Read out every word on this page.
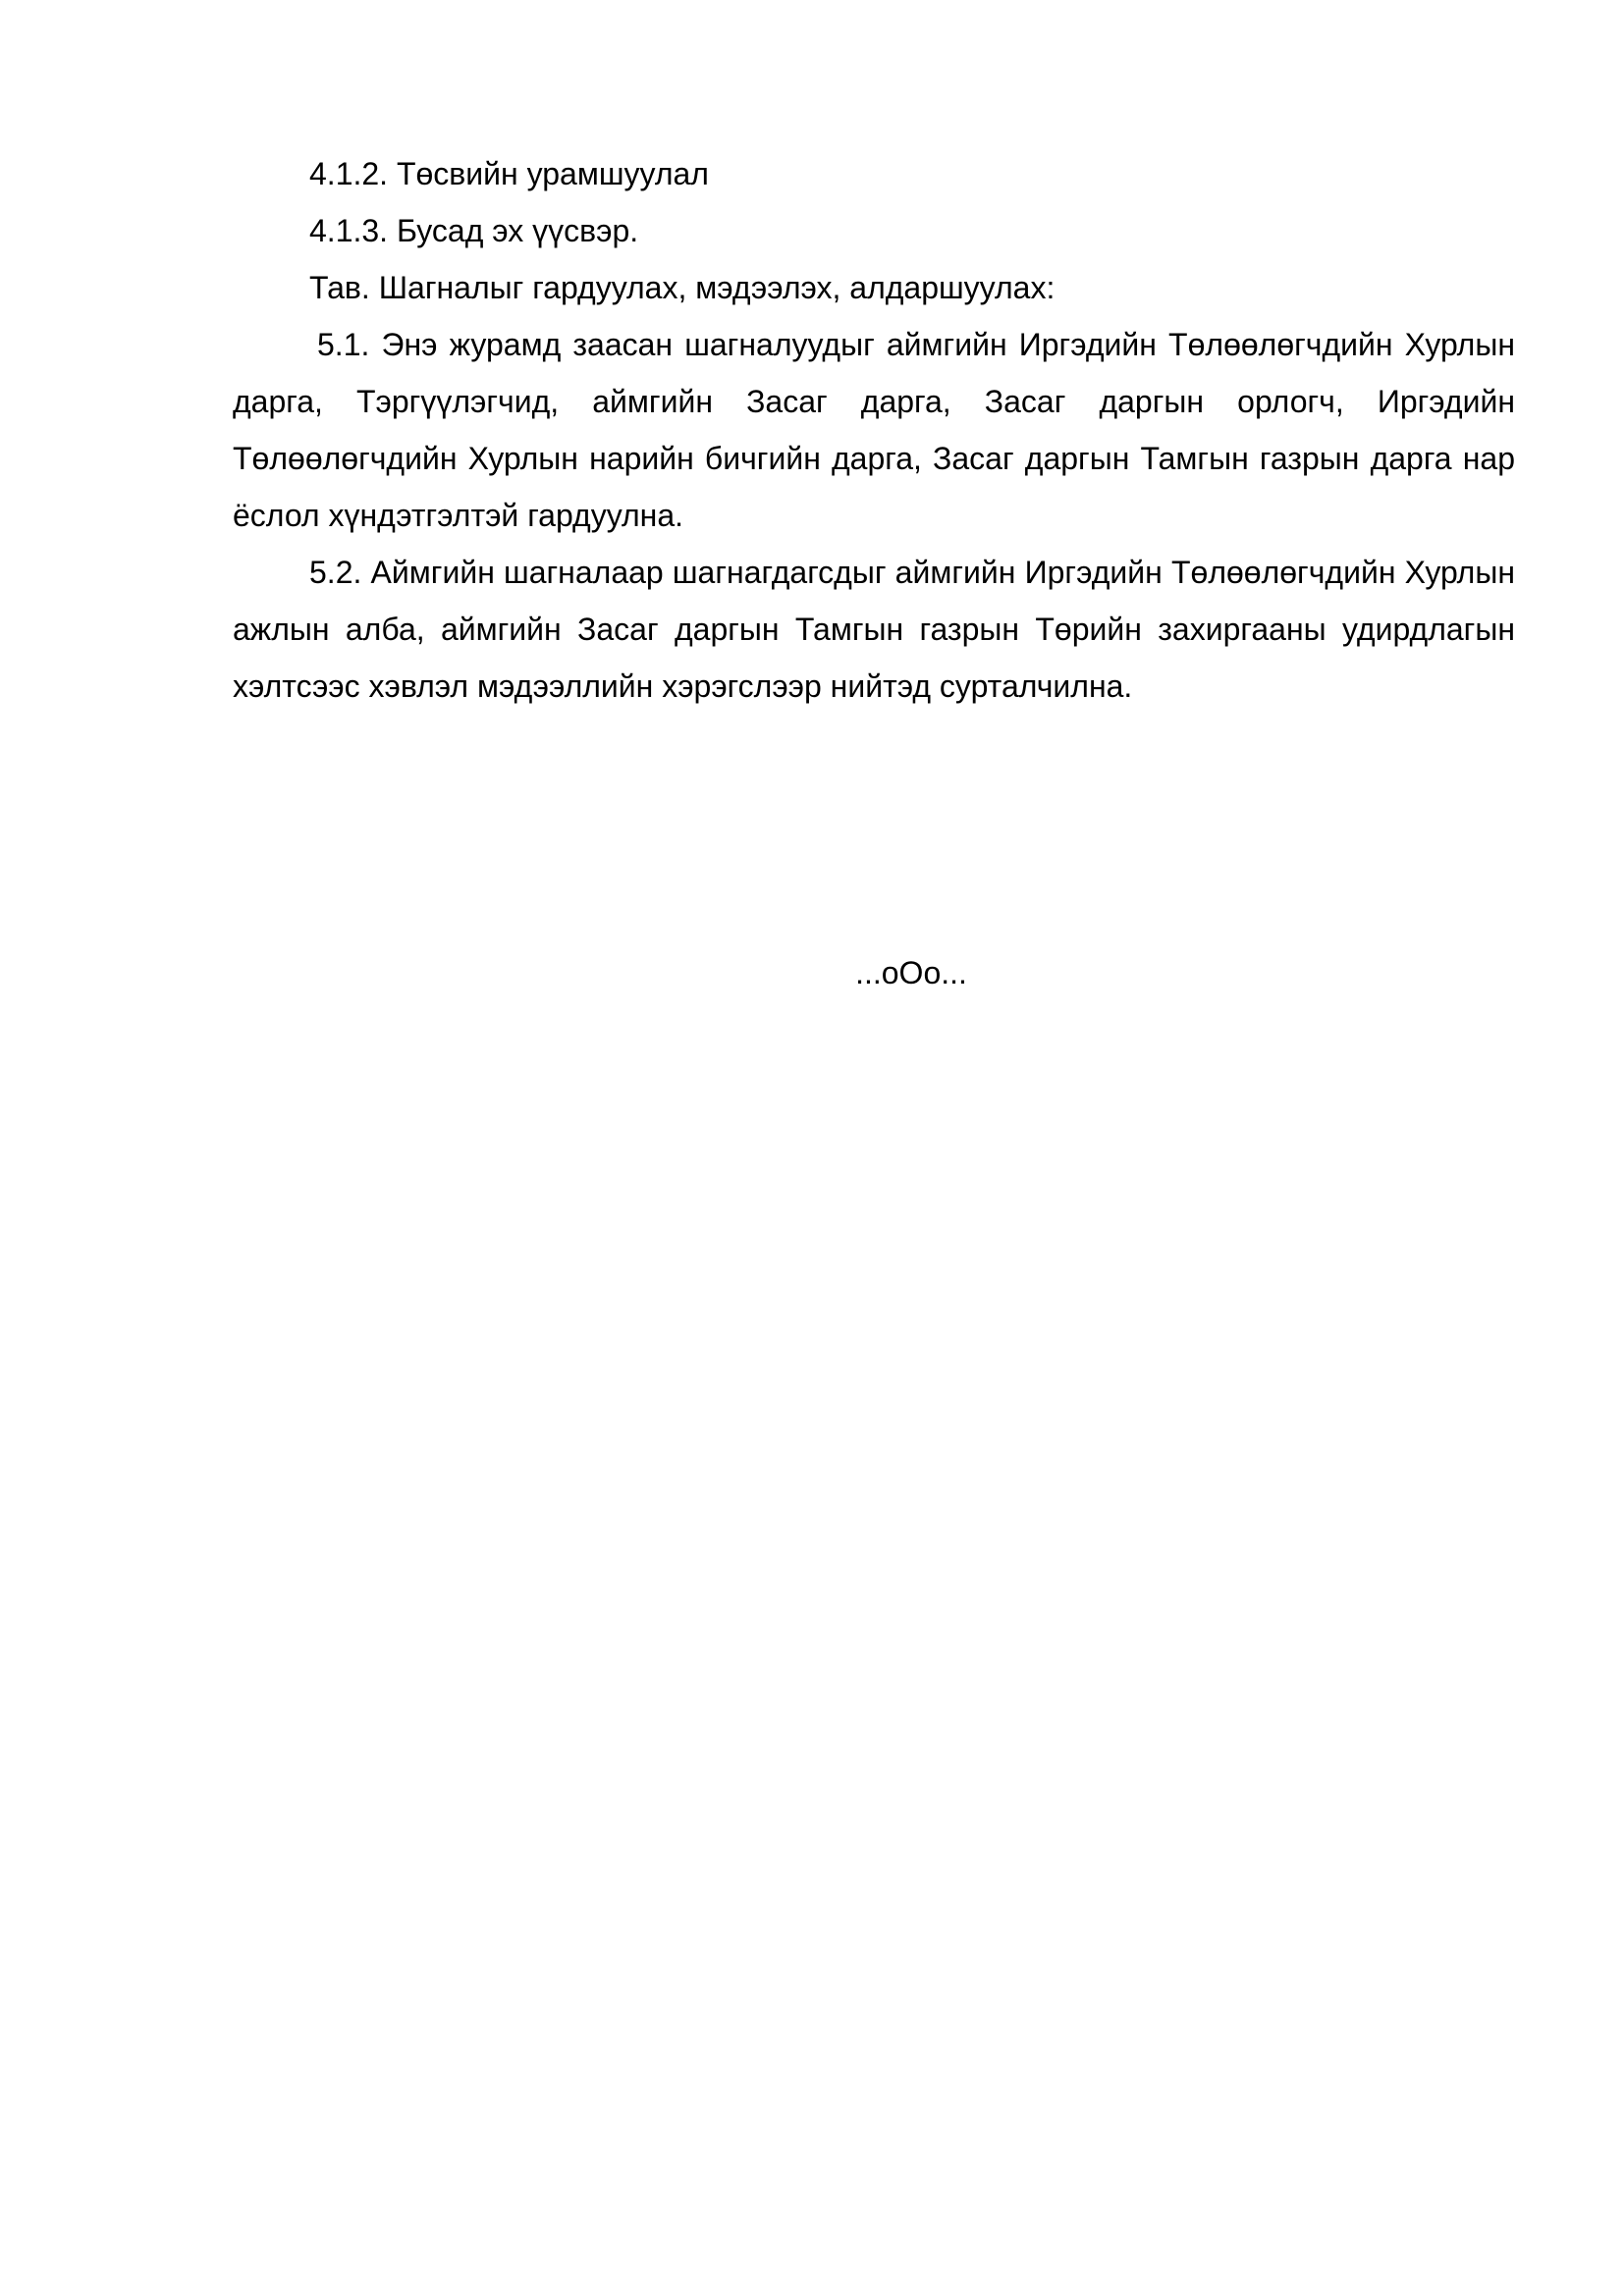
4.1.2. Төсвийн урамшуулал

4.1.3. Бусад эх үүсвэр.

Тав. Шагналыг гардуулах, мэдээлэх, алдаршуулах:

5.1. Энэ журамд заасан шагналуудыг аймгийн Иргэдийн Төлөөлөгчдийн Хурлын дарга, Тэргүүлэгчид, аймгийн Засаг дарга, Засаг даргын орлогч, Иргэдийн Төлөөлөгчдийн Хурлын нарийн бичгийн дарга, Засаг даргын Тамгын газрын дарга нар ёслол хүндэтгэлтэй гардуулна.

5.2. Аймгийн шагналаар шагнагдагсдыг аймгийн Иргэдийн Төлөөлөгчдийн Хурлын ажлын алба, аймгийн Засаг даргын Тамгын газрын Төрийн захиргааны удирдлагын хэлтсээс хэвлэл мэдээллийн хэрэгслээр нийтэд сурталчилна.

...oOo...
